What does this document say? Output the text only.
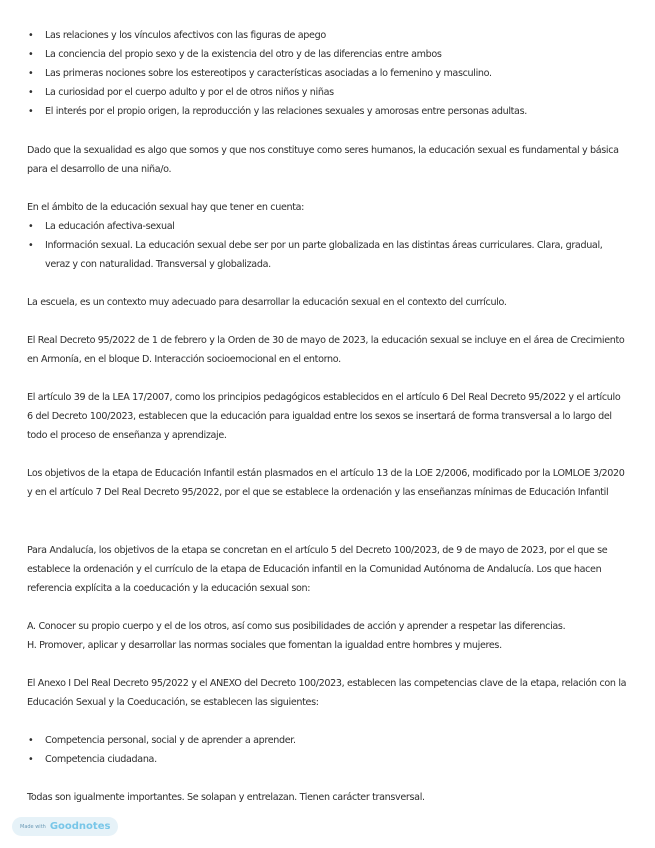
• Las relaciones y los vínculos afectivos con las figuras de apego
• La conciencia del propio sexo y de la existencia del otro y de las diferencias entre ambos
• Las primeras nociones sobre los estereotipos y características asociadas a lo femenino y masculino.
• La curiosidad por el cuerpo adulto y por el de otros niños y niñas
• El interés por el propio origen, la reproducción y las relaciones sexuales y amorosas entre personas adultas.

Dado que la sexualidad es algo que somos y que nos constituye como seres humanos, la educación sexual es fundamental y básica para el desarrollo de una niña/o.

En el ámbito de la educación sexual hay que tener en cuenta:

• La educación afectiva-sexual
• Información sexual. La educación sexual debe ser por un parte globalizada en las distintas áreas curriculares. Clara, gradual, veraz y con naturalidad. Transversal y globalizada.

La escuela, es un contexto muy adecuado para desarrollar la educación sexual en el contexto del currículo.

El Real Decreto 95/2022 de 1 de febrero y la Orden de 30 de mayo de 2023, la educación sexual se incluye en el área de Crecimiento en Armonía, en el bloque D. Interacción socioemocional en el entorno.

El artículo 39 de la LEA 17/2007, como los principios pedagógicos establecidos en el artículo 6 Del Real Decreto 95/2022 y el artículo 6 del Decreto 100/2023, establecen que la educación para igualdad entre los sexos se insertará de forma transversal a lo largo del todo el proceso de enseñanza y aprendizaje.

Los objetivos de la etapa de Educación Infantil están plasmados en el artículo 13 de la LOE 2/2006, modificado por la LOMLOE 3/2020 y en el artículo 7 Del Real Decreto 95/2022, por el que se establece la ordenación y las enseñanzas mínimas de Educación Infantil

Para Andalucía, los objetivos de la etapa se concretan en el artículo 5 del Decreto 100/2023, de 9 de mayo de 2023, por el que se establece la ordenación y el currículo de la etapa de Educación infantil en la Comunidad Autónoma de Andalucía. Los que hacen referencia explícita a la coeducación y la educación sexual son:

A. Conocer su propio cuerpo y el de los otros, así como sus posibilidades de acción y aprender a respetar las diferencias.

H. Promover, aplicar y desarrollar las normas sociales que fomentan la igualdad entre hombres y mujeres.

El Anexo I Del Real Decreto 95/2022 y el ANEXO del Decreto 100/2023, establecen las competencias clave de la etapa, relación con la Educación Sexual y la Coeducación, se establecen las siguientes:

• Competencia personal, social y de aprender a aprender.
• Competencia ciudadana.

Todas son igualmente importantes. Se solapan y entrelazan. Tienen carácter transversal.

Made with Goodnotes
